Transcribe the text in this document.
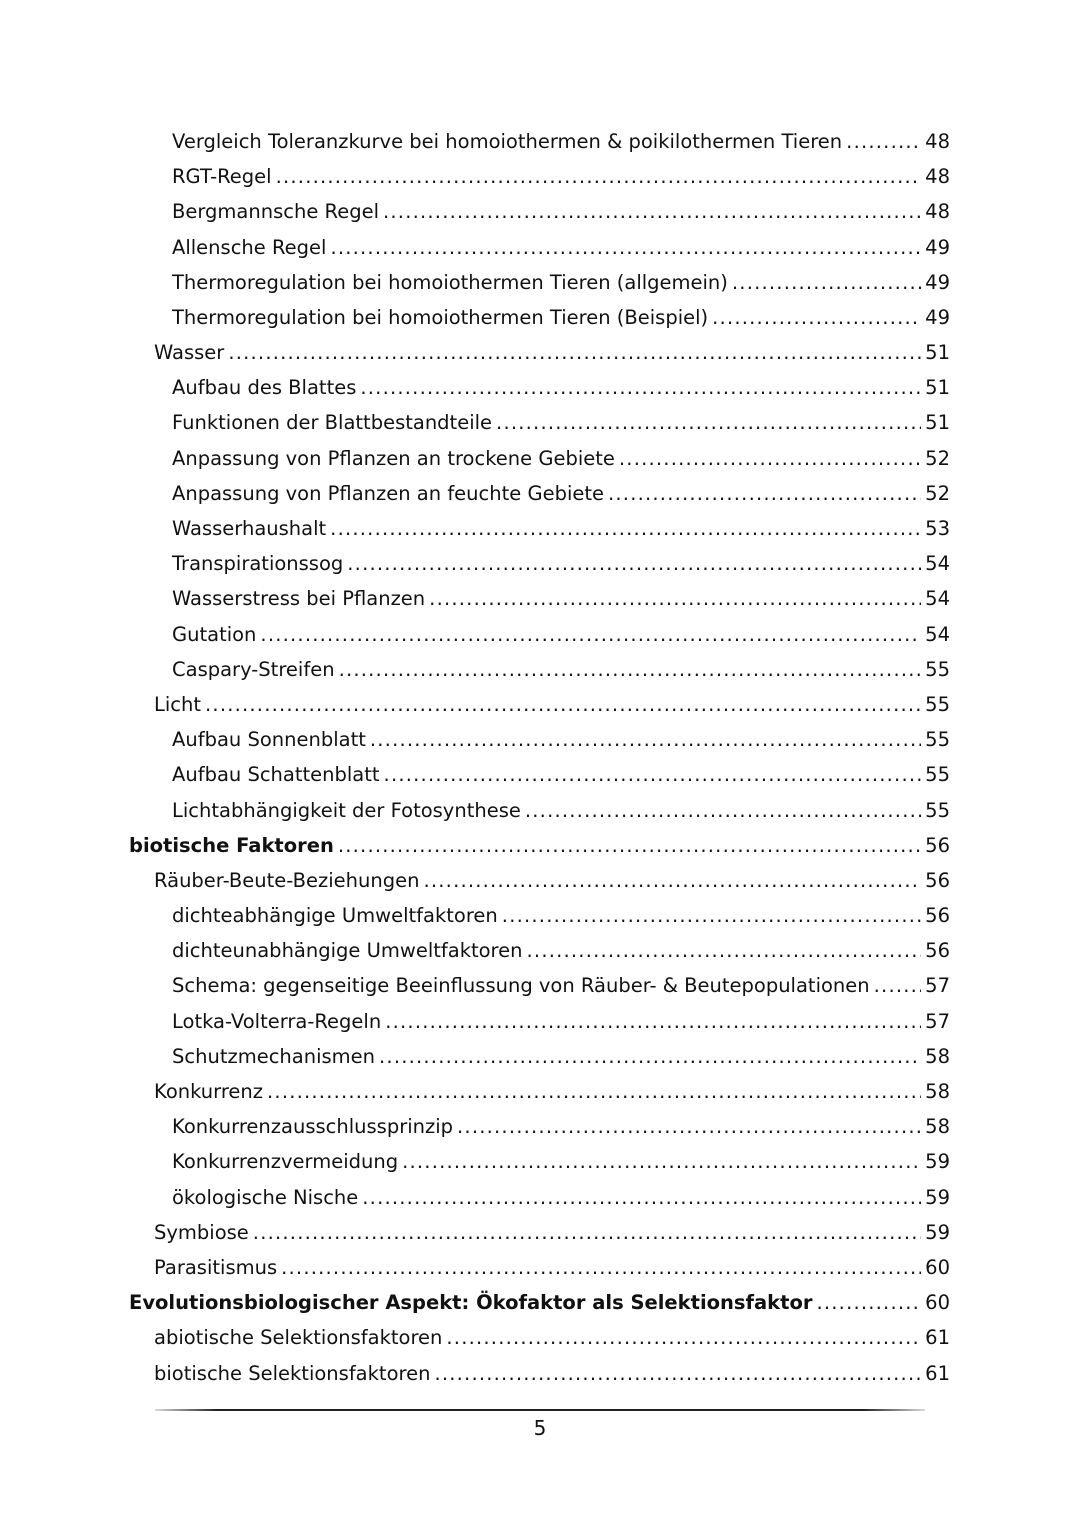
Vergleich Toleranzkurve bei homoiothermen & poikilothermen Tieren .....	48
RGT-Regel .....	48
Bergmannsche Regel .....	48
Allensche Regel .....	49
Thermoregulation bei homoiothermen Tieren (allgemein) .....	49
Thermoregulation bei homoiothermen Tieren (Beispiel) .....	49
Wasser .....	51
Aufbau des Blattes .....	51
Funktionen der Blattbestandteile .....	51
Anpassung von Pflanzen an trockene Gebiete .....	52
Anpassung von Pflanzen an feuchte Gebiete .....	52
Wasserhaushalt .....	53
Transpirationssog .....	54
Wasserstress bei Pflanzen .....	54
Gutation .....	54
Caspary-Streifen .....	55
Licht .....	55
Aufbau Sonnenblatt .....	55
Aufbau Schattenblatt .....	55
Lichtabhängigkeit der Fotosynthese .....	55
biotische Faktoren .....	56
Räuber-Beute-Beziehungen .....	56
dichteabhängige Umweltfaktoren .....	56
dichteunabhängige Umweltfaktoren .....	56
Schema: gegenseitige Beeinflussung von Räuber- & Beutepopulationen .....	57
Lotka-Volterra-Regeln .....	57
Schutzmechanismen .....	58
Konkurrenz .....	58
Konkurrenzausschlussprinzip .....	58
Konkurrenzvermeidung .....	59
ökologische Nische .....	59
Symbiose .....	59
Parasitismus .....	60
Evolutionsbiologischer Aspekt: Ökofaktor als Selektionsfaktor .....	60
abiotische Selektionsfaktoren .....	61
biotische Selektionsfaktoren .....	61
5
